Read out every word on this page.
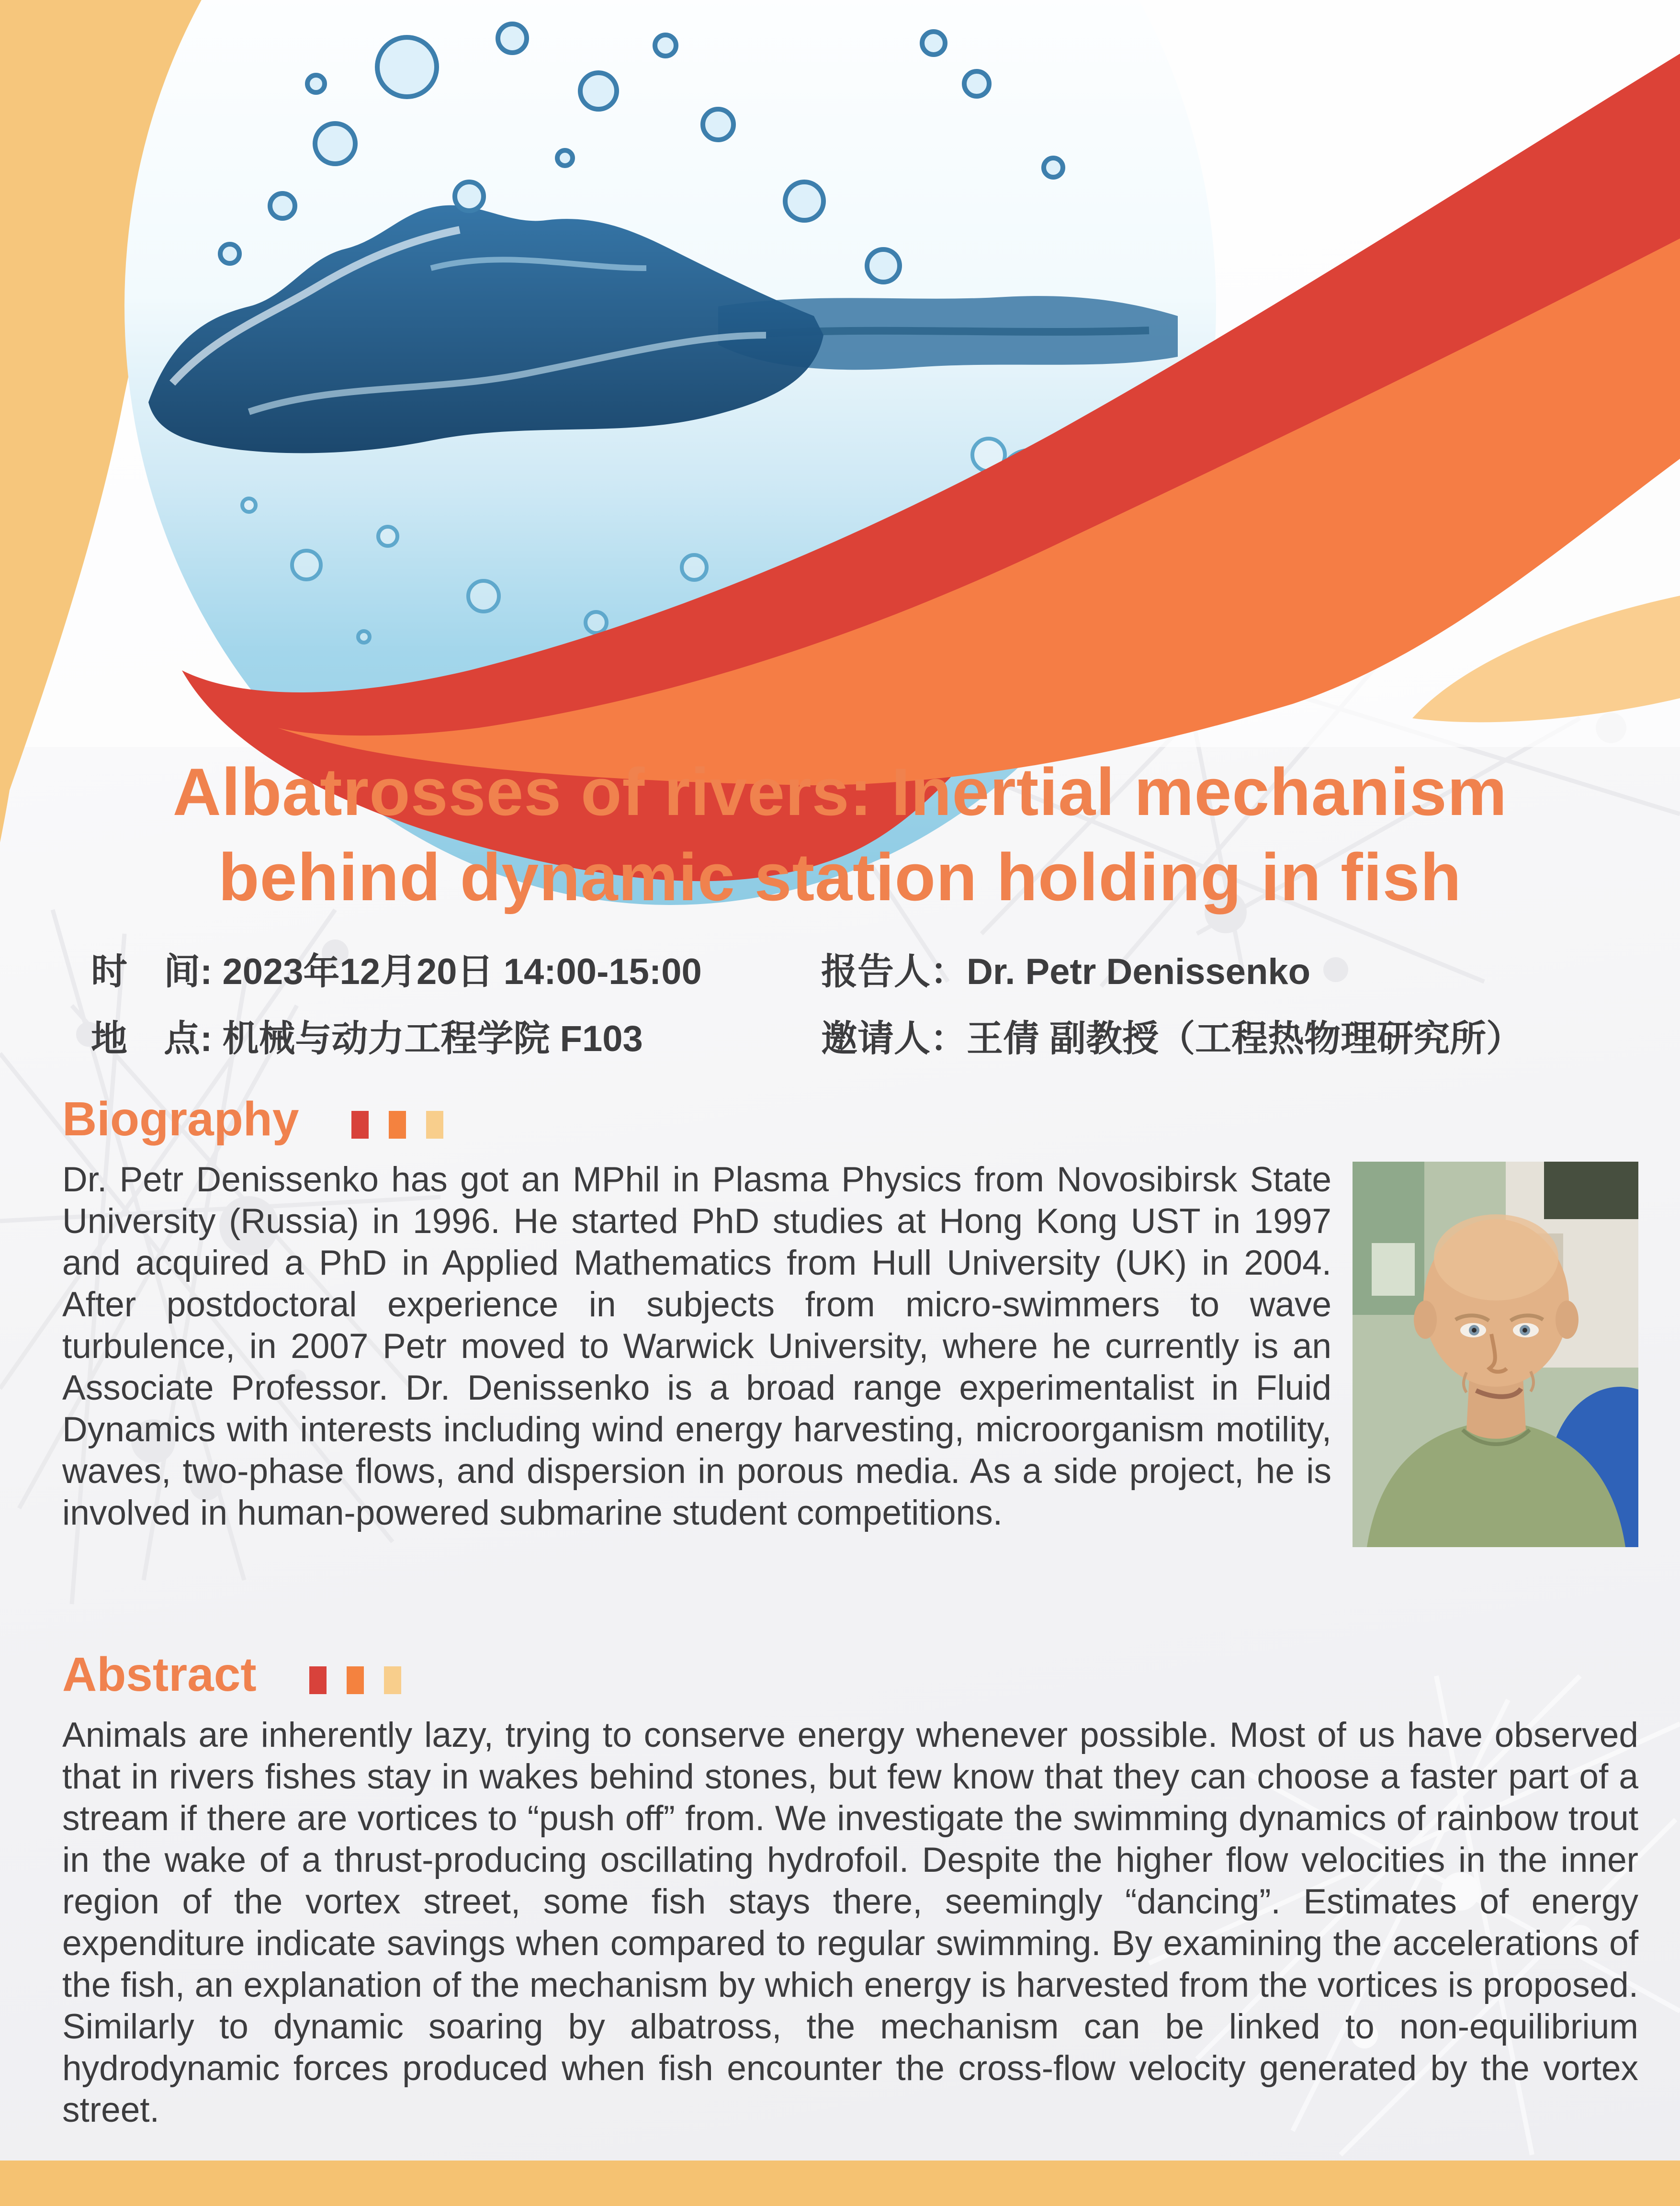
Albatrosses of rivers: Inertial mechanism
behind dynamic station holding in fish
时　间: 2023年12月20日 14:00-15:00	报告人：Dr. Petr Denissenko
地　点: 机械与动力工程学院 F103	邀请人：王倩 副教授（工程热物理研究所）
Biography
Dr. Petr Denissenko has got an MPhil in Plasma Physics from Novosibirsk State University (Russia) in 1996. He started PhD studies at Hong Kong UST in 1997 and acquired a PhD in Applied Mathematics from Hull University (UK) in 2004. After postdoctoral experience in subjects from micro-swimmers to wave turbulence, in 2007 Petr moved to Warwick University, where he currently is an Associate Professor. Dr. Denissenko is a broad range experimentalist in Fluid Dynamics with interests including wind energy harvesting, microorganism motility, waves, two-phase flows, and dispersion in porous media. As a side project, he is involved in human-powered submarine student competitions.
Abstract
Animals are inherently lazy, trying to conserve energy whenever possible. Most of us have observed that in rivers fishes stay in wakes behind stones, but few know that they can choose a faster part of a stream if there are vortices to “push off” from. We investigate the swimming dynamics of rainbow trout in the wake of a thrust-producing oscillating hydrofoil. Despite the higher flow velocities in the inner region of the vortex street, some fish stays there, seemingly “dancing”. Estimates of energy expenditure indicate savings when compared to regular swimming. By examining the accelerations of the fish, an explanation of the mechanism by which energy is harvested from the vortices is proposed. Similarly to dynamic soaring by albatross, the mechanism can be linked to non-equilibrium hydrodynamic forces produced when fish encounter the cross-flow velocity generated by the vortex street.
